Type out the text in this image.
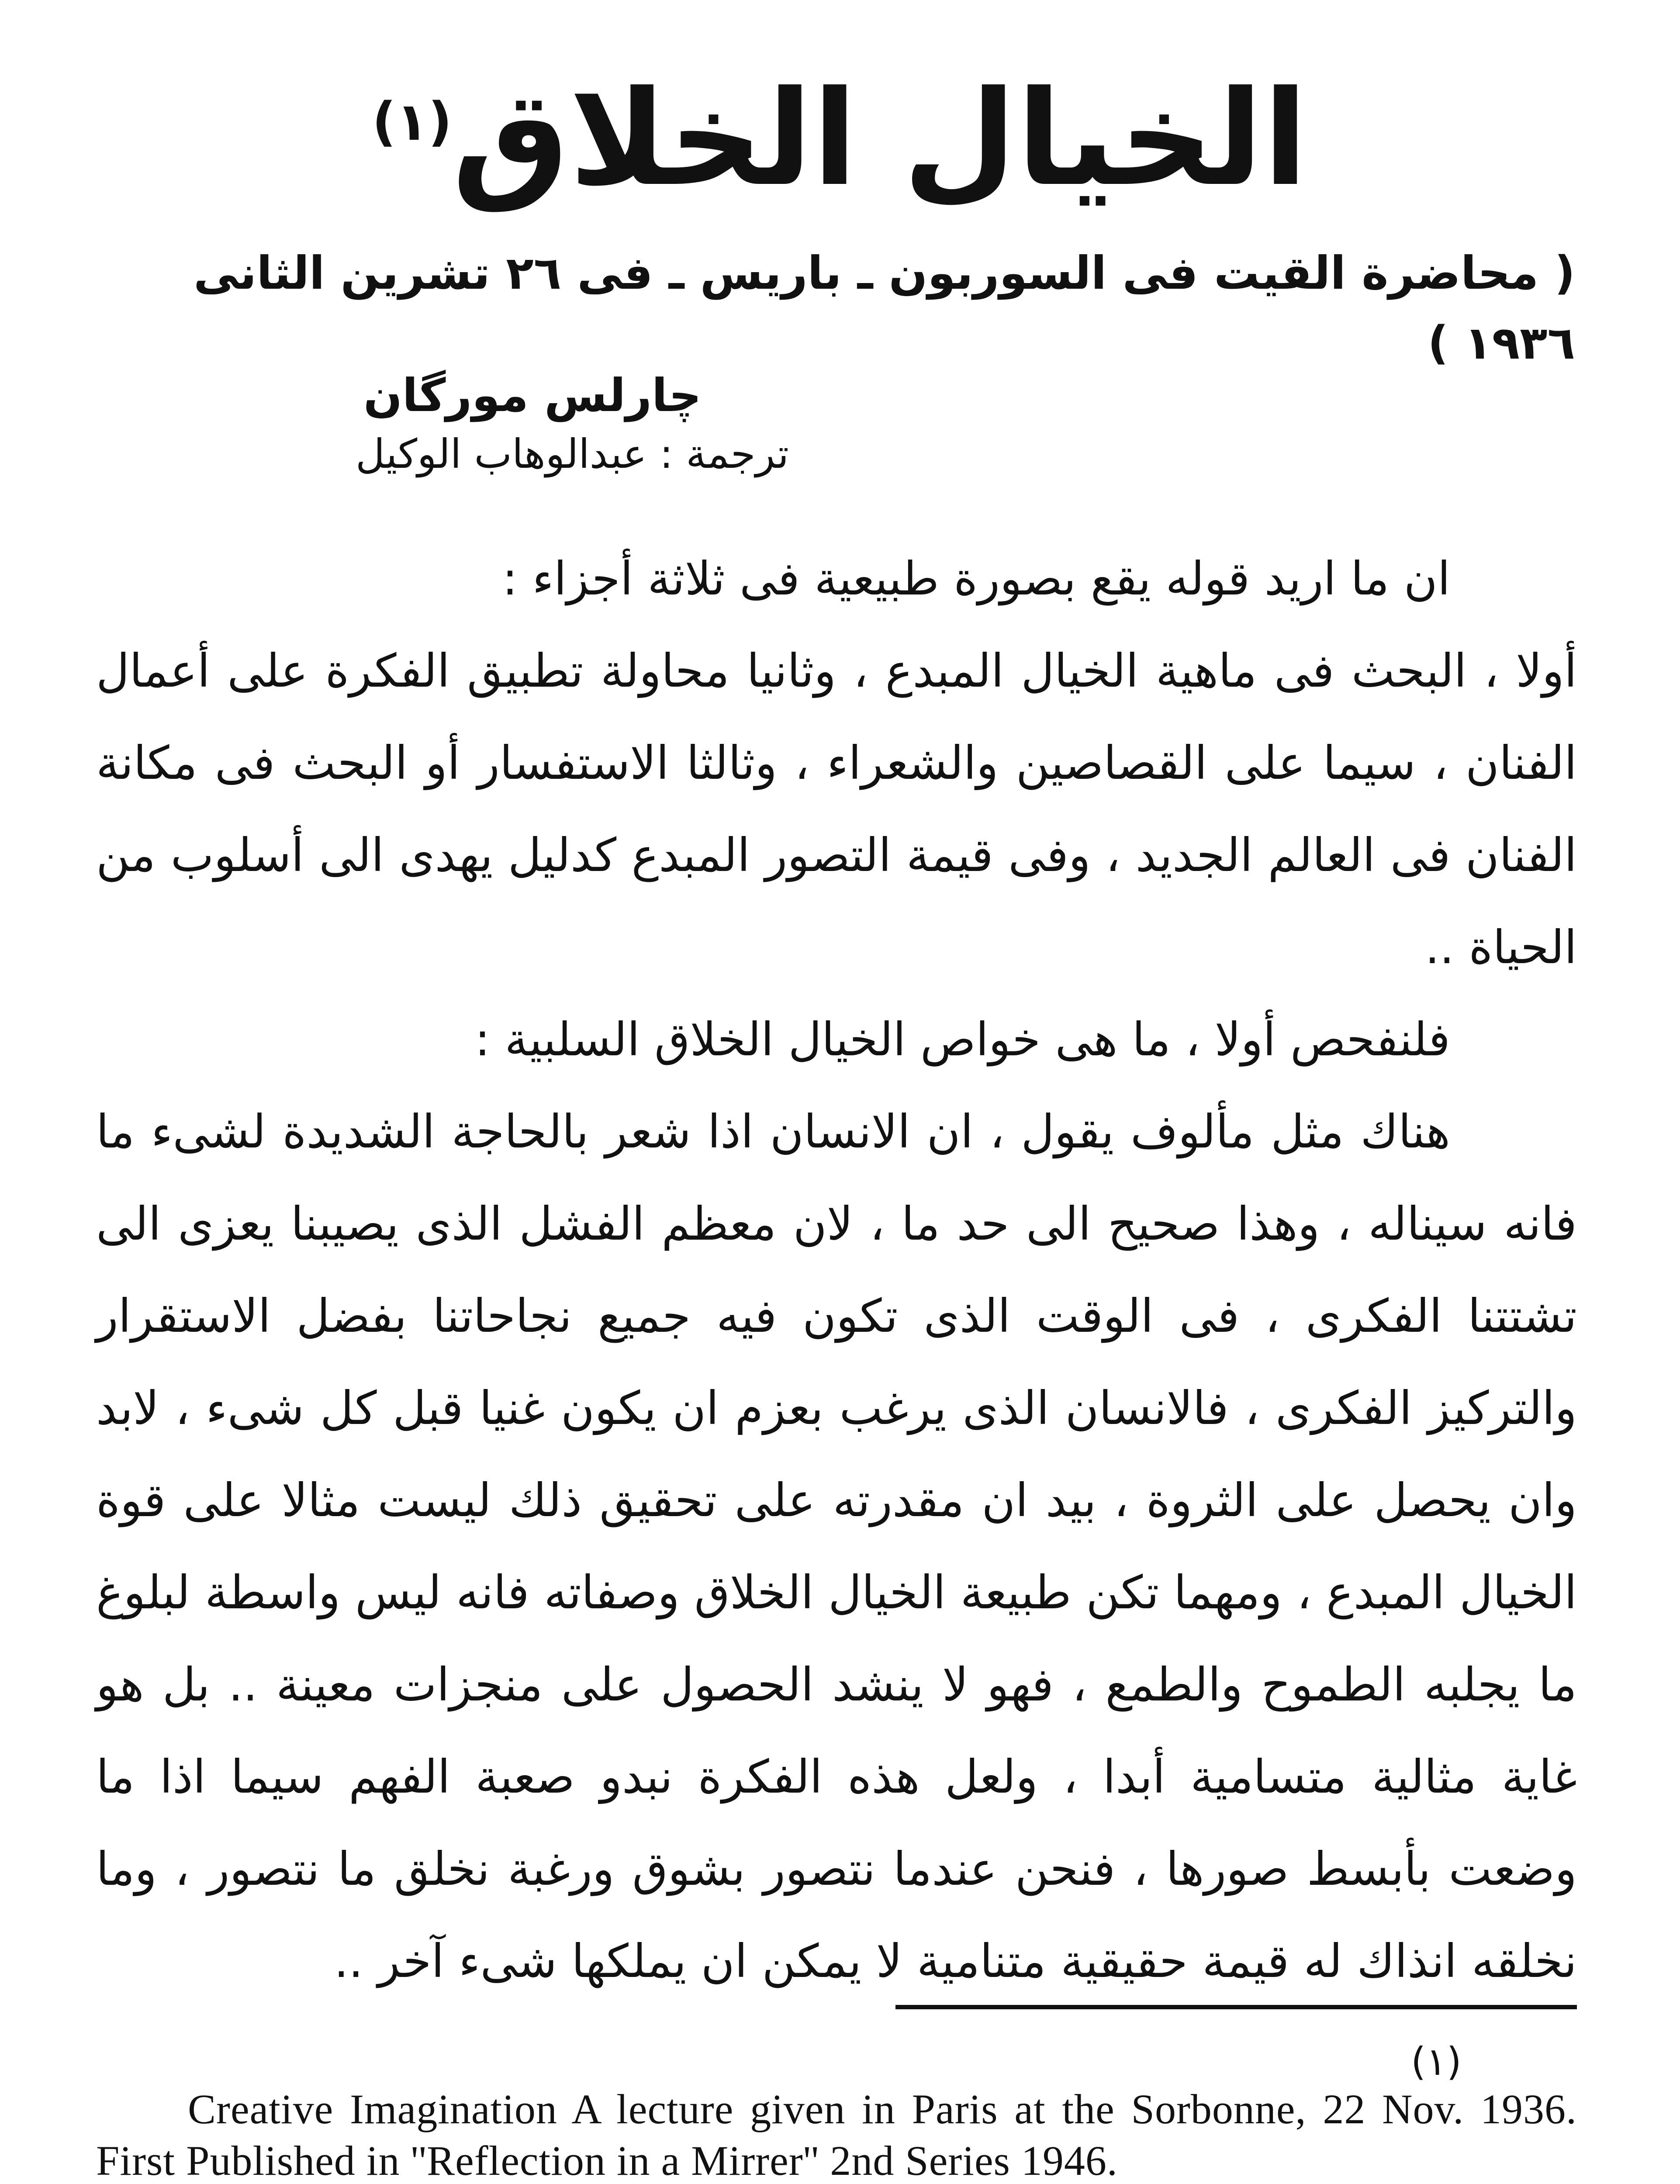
الخيال الخلاق$^{(١)}$
( محاضرة القيت فى السوربون ـ باريس ـ فى ٢٦ تشرين الثانى ١٩٣٦ )
چارلس مورگان
ترجمة : عبدالوهاب الوكيل

ان ما اريد قوله يقع بصورة طبيعية فى ثلاثة أجزاء :

أولا ، البحث فى ماهية الخيال المبدع ، وثانيا محاولة تطبيق الفكرة على أعمال الفنان ، سيما على القصاصين والشعراء ، وثالثا الاستفسار أو البحث فى مكانة الفنان فى العالم الجديد ، وفى قيمة التصور المبدع كدليل يهدى الى أسلوب من الحياة ..

فلنفحص أولا ، ما هى خواص الخيال الخلاق السلبية :

هناك مثل مألوف يقول ، ان الانسان اذا شعر بالحاجة الشديدة لشىء ما فانه سيناله ، وهذا صحيح الى حد ما ، لان معظم الفشل الذى يصيبنا يعزى الى تشتتنا الفكرى ، فى الوقت الذى تكون فيه جميع نجاحاتنا بفضل الاستقرار والتركيز الفكرى ، فالانسان الذى يرغب بعزم ان يكون غنيا قبل كل شىء ، لابد وان يحصل على الثروة ، بيد ان مقدرته على تحقيق ذلك ليست مثالا على قوة الخيال المبدع ، ومهما تكن طبيعة الخيال الخلاق وصفاته فانه ليس واسطة لبلوغ ما يجلبه الطموح والطمع ، فهو لا ينشد الحصول على منجزات معينة .. بل هو غاية مثالية متسامية أبدا ، ولعل هذه الفكرة نبدو صعبة الفهم سيما اذا ما وضعت بأبسط صورها ، فنحن عندما نتصور بشوق ورغبة نخلق ما نتصور ، وما نخلقه انذاك له قيمة حقيقية متنامية لا يمكن ان يملكها شىء آخر ..

(١)
Creative Imagination A lecture given in Paris at the Sorbonne, 22 Nov. 1936. First Published in ''Reflection in a Mirrer'' 2nd Series 1946.
